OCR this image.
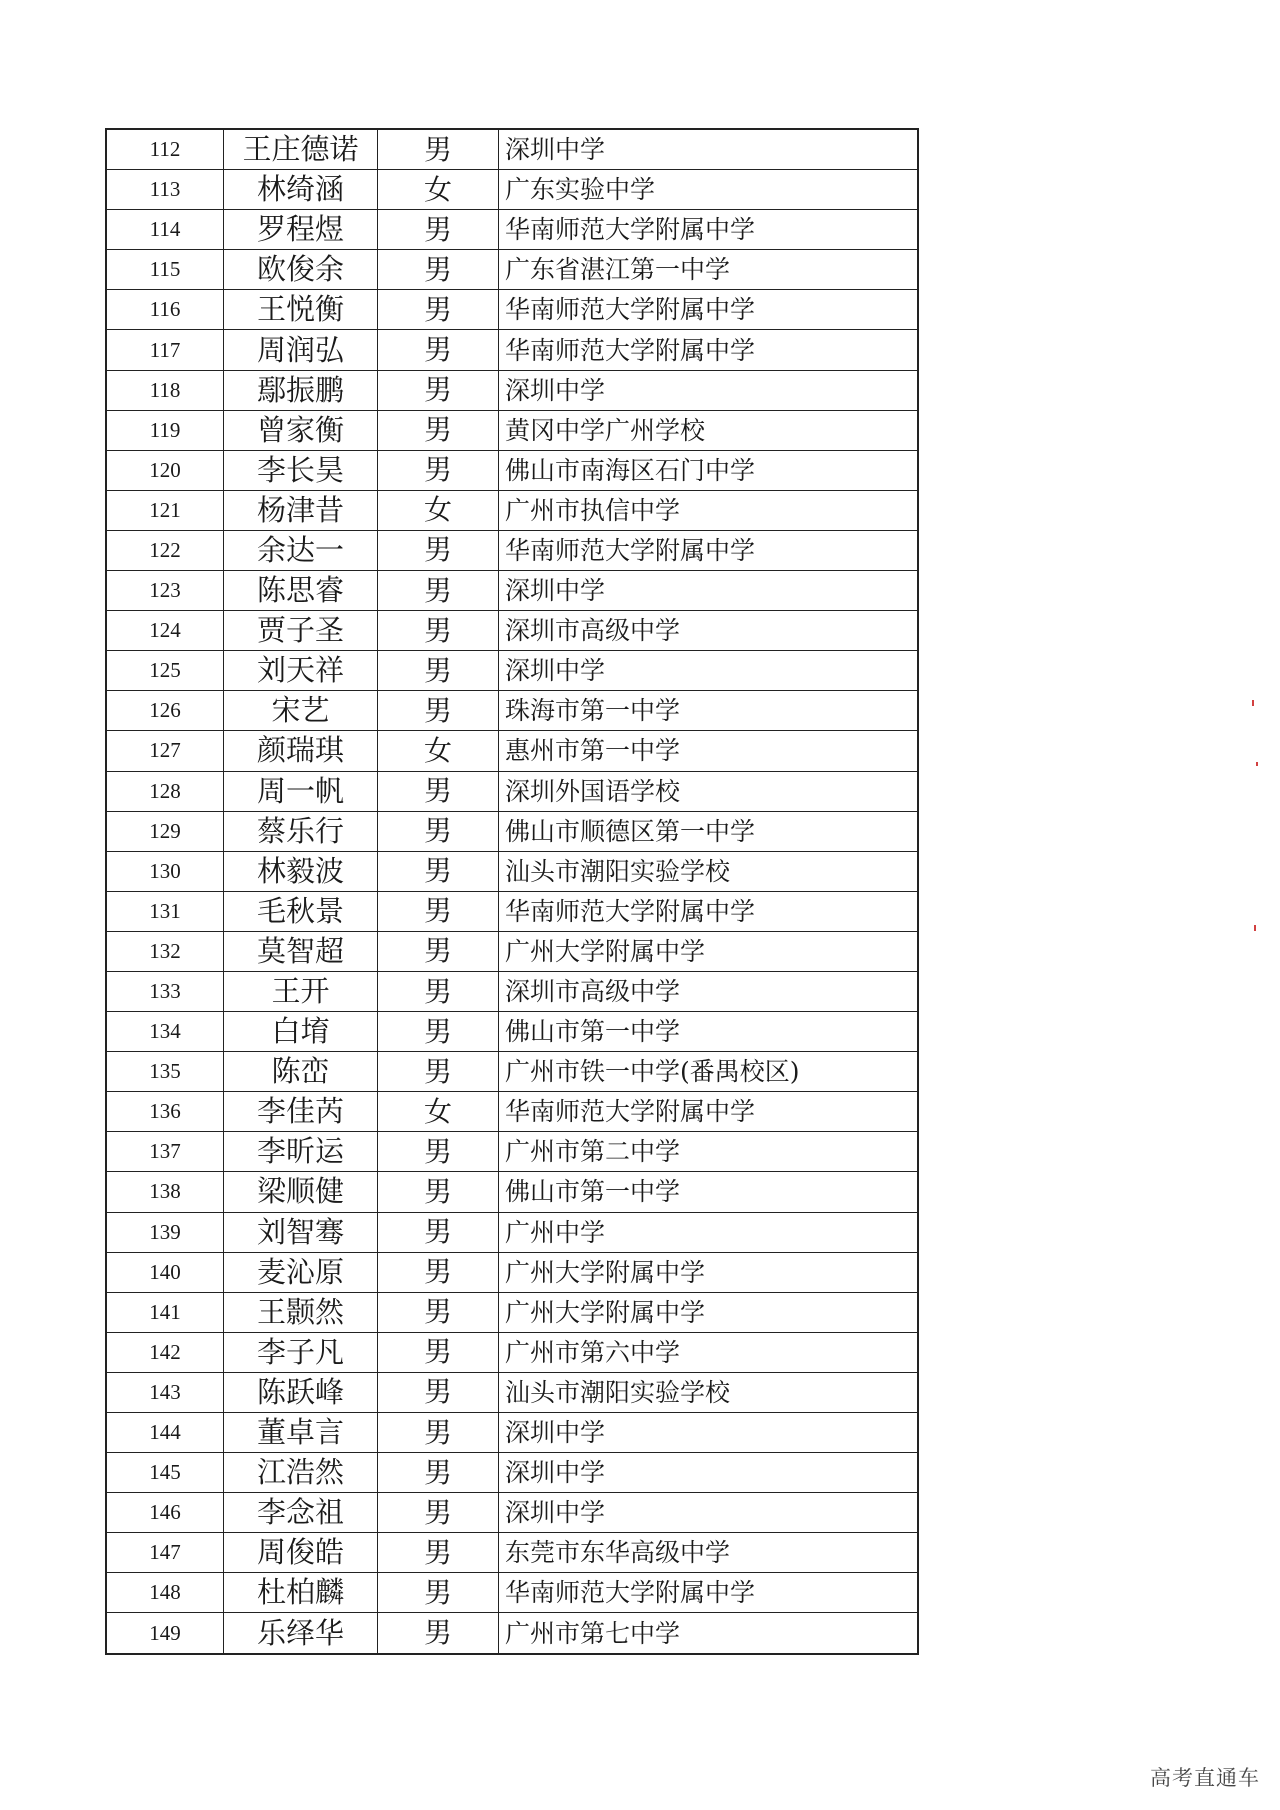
112	王庄德诺	男	深圳中学
113	林绮涵	女	广东实验中学
114	罗程煜	男	华南师范大学附属中学
115	欧俊余	男	广东省湛江第一中学
116	王悦衡	男	华南师范大学附属中学
117	周润弘	男	华南师范大学附属中学
118	鄢振鹏	男	深圳中学
119	曾家衡	男	黄冈中学广州学校
120	李长昊	男	佛山市南海区石门中学
121	杨津昔	女	广州市执信中学
122	余达一	男	华南师范大学附属中学
123	陈思睿	男	深圳中学
124	贾子圣	男	深圳市高级中学
125	刘天祥	男	深圳中学
126	宋艺	男	珠海市第一中学
127	颜瑞琪	女	惠州市第一中学
128	周一帆	男	深圳外国语学校
129	蔡乐行	男	佛山市顺德区第一中学
130	林毅波	男	汕头市潮阳实验学校
131	毛秋景	男	华南师范大学附属中学
132	莫智超	男	广州大学附属中学
133	王开	男	深圳市高级中学
134	白堉	男	佛山市第一中学
135	陈峦	男	广州市铁一中学(番禺校区)
136	李佳芮	女	华南师范大学附属中学
137	李昕运	男	广州市第二中学
138	梁顺健	男	佛山市第一中学
139	刘智骞	男	广州中学
140	麦沁原	男	广州大学附属中学
141	王颢然	男	广州大学附属中学
142	李子凡	男	广州市第六中学
143	陈跃峰	男	汕头市潮阳实验学校
144	董卓言	男	深圳中学
145	江浩然	男	深圳中学
146	李念祖	男	深圳中学
147	周俊皓	男	东莞市东华高级中学
148	杜柏麟	男	华南师范大学附属中学
149	乐绎华	男	广州市第七中学
高考直通车
